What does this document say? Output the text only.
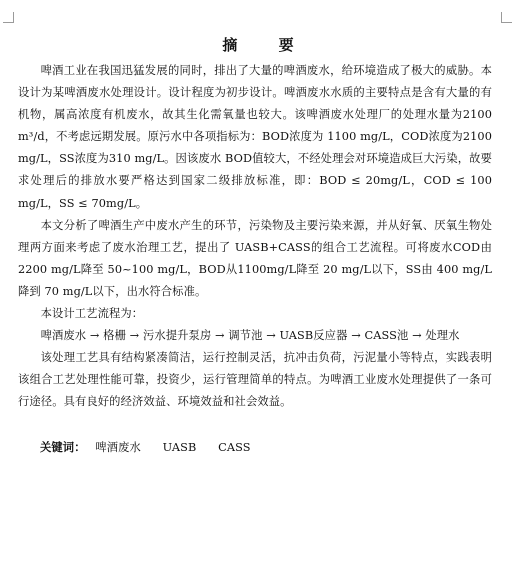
摘 要

啤酒工业在我国迅猛发展的同时，排出了大量的啤酒废水，给环境造成了极大的威胁。本设计为某啤酒废水处理设计。设计程度为初步设计。啤酒废水水质的主要特点是含有大量的有机物，属高浓度有机废水，故其生化需氧量也较大。该啤酒废水处理厂的处理水量为2100 m³/d，不考虑远期发展。原污水中各项指标为：BOD浓度为 1100 mg/L，COD浓度为2100 mg/L，SS浓度为310 mg/L。因该废水 BOD值较大，不经处理会对环境造成巨大污染，故要求处理后的排放水要严格达到国家二级排放标准，即：BOD ≤ 20mg/L，COD ≤ 100 mg/L，SS ≤ 70mg/L。

本文分析了啤酒生产中废水产生的环节，污染物及主要污染来源，并从好氧、厌氧生物处理两方面来考虑了废水治理工艺，提出了 UASB+CASS的组合工艺流程。可将废水COD由 2200 mg/L降至 50~100 mg/L，BOD从1100mg/L降至 20 mg/L以下，SS由 400 mg/L降到 70 mg/L以下，出水符合标准。

本设计工艺流程为：

啤酒废水 → 格栅 → 污水提升泵房 → 调节池 → UASB反应器 → CASS池 → 处理水

该处理工艺具有结构紧凑简洁，运行控制灵活，抗冲击负荷，污泥量小等特点，实践表明该组合工艺处理性能可靠，投资少，运行管理简单的特点。为啤酒工业废水处理提供了一条可行途径。具有良好的经济效益、环境效益和社会效益。

关键词： 啤酒废水 UASB CASS
